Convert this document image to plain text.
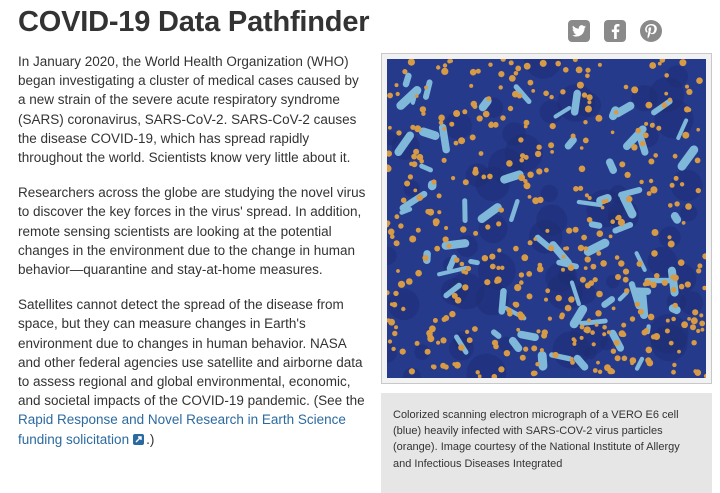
COVID-19 Data Pathfinder

In January 2020, the World Health Organization (WHO) began investigating a cluster of medical cases caused by a new strain of the severe acute respiratory syndrome (SARS) coronavirus, SARS-CoV-2. SARS-CoV-2 causes the disease COVID-19, which has spread rapidly throughout the world. Scientists know very little about it.

Researchers across the globe are studying the novel virus to discover the key forces in the virus' spread. In addition, remote sensing scientists are looking at the potential changes in the environment due to the change in human behavior—quarantine and stay-at-home measures.

Satellites cannot detect the spread of the disease from space, but they can measure changes in Earth's environment due to changes in human behavior. NASA and other federal agencies use satellite and airborne data to assess regional and global environmental, economic, and societal impacts of the COVID-19 pandemic. (See the Rapid Response and Novel Research in Earth Science funding solicitation .)

Colorized scanning electron micrograph of a VERO E6 cell (blue) heavily infected with SARS-COV-2 virus particles (orange). Image courtesy of the National Institute of Allergy and Infectious Diseases Integrated
